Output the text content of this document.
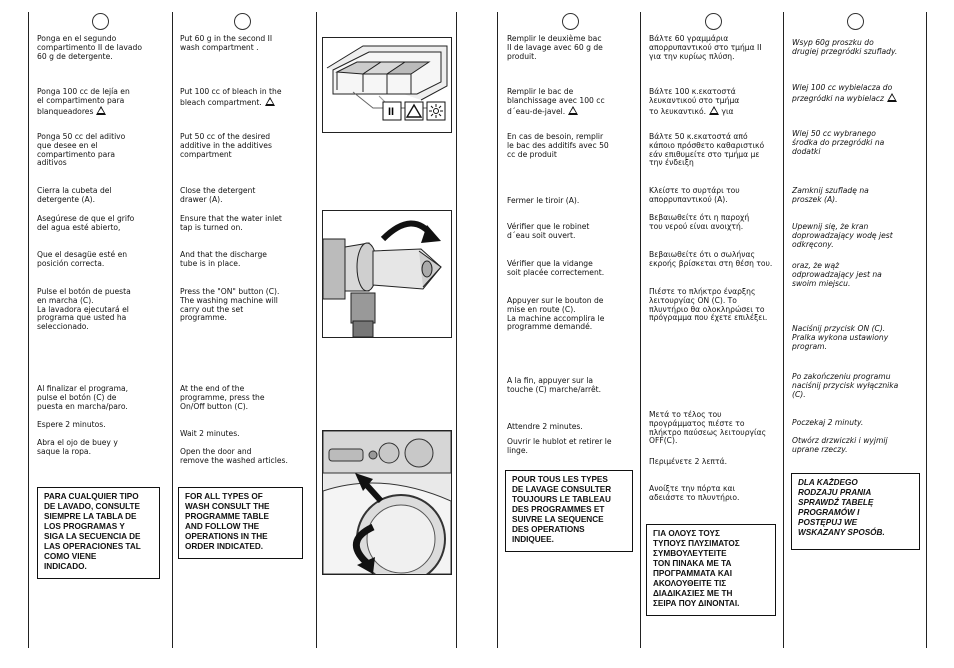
Ponga en el segundo
compartimento II de lavado
60 g de detergente.
Ponga 100 cc de lejía en
el compartimento para
blanqueadores
Ponga 50 cc del aditivo
que desee en el
compartimento para
aditivos
Cierra la cubeta del
detergente (A).
Asegúrese de que el grifo
del agua esté abierto,
Que el desagüe esté en
posición correcta.
Pulse el botón de puesta
en marcha (C).
La lavadora ejecutará el
programa que usted ha
seleccionado.
Al finalizar el programa,
pulse el botón (C) de
puesta en marcha/paro.
Espere 2 minutos.
Abra el ojo de buey y
saque la ropa.
PARA CUALQUIER TIPO
DE LAVADO, CONSULTE
SIEMPRE LA TABLA DE
LOS PROGRAMAS Y
SIGA LA SECUENCIA DE
LAS OPERACIONES TAL
COMO VIENE
INDICADO.
Put 60 g in the second II
wash compartment .
Put 100 cc of bleach in the
bleach compartment.
Put 50 cc of the desired
additive in the additives
compartment
Close the detergent
drawer (A).
Ensure that the water inlet
tap is turned on.
And that the discharge
tube is in place.
Press the "ON" button (C).
The washing machine will
carry out the set
programme.
At the end of the
programme, press the
On/Off button (C).
Wait 2 minutes.
Open the door and
remove the washed articles.
FOR ALL TYPES OF
WASH CONSULT THE
PROGRAMME TABLE
AND FOLLOW THE
OPERATIONS IN THE
ORDER INDICATED.
Remplir le deuxième bac
II de lavage avec 60 g de
produit.
Remplir le bac de
blanchissage avec 100 cc
d´eau-de-javel.
En cas de besoin, remplir
le bac des additifs avec 50
cc de produit
Fermer le tiroir (A).
Vérifier que le robinet
d´eau soit ouvert.
Vérifier que la vidange
soit placée correctement.
Appuyer sur le bouton de
mise en route (C).
La machine accomplira le
programme demandé.
A la fin, appuyer sur la
touche (C) marche/arrêt.
Attendre 2 minutes.
Ouvrir le hublot et retirer le
linge.
POUR TOUS LES TYPES
DE LAVAGE CONSULTER
TOUJOURS LE TABLEAU
DES PROGRAMMES ET
SUIVRE LA SEQUENCE
DES OPERATIONS
INDIQUEE.
Βάλτε 60 γραμμάρια
απορρυπαντικού στο τμήμα II
για την κυρίως πλύση.
Βάλτε 100 κ.εκατοστά
λευκαντικού στο τμήμα
το λευκαντικό. για
Βάλτε 50 κ.εκατοστά από
κάποιο πρόσθετο καθαριστικό
εάν επιθυμείτε στο τμήμα με
την ένδειξη
Κλείστε το συρτάρι του
απορρυπαντικού (A).
Βεβαιωθείτε ότι η παροχή
του νερού είναι ανοιχτή.
Βεβαιωθείτε ότι ο σωλήνας
εκροής βρίσκεται στη θέση του.
Πιέστε το πλήκτρο έναρξης
λειτουργίας ON (C). Το
πλυντήριο θα ολοκληρώσει το
πρόγραμμα που έχετε επιλέξει.
Μετά το τέλος του
προγράμματος πιέστε το
πλήκτρο παύσεως λειτουργίας
OFF(C).
Περιμένετε 2 λεπτά.
Ανοίξτε την πόρτα και
αδειάστε το πλυντήριο.
ΓΙΑ ΟΛΟΥΣ ΤΟΥΣ
ΤΥΠΟΥΣ ΠΛΥΣΙΜΑΤΟΣ
ΣΥΜΒΟΥΛΕΥΤΕΙΤΕ
ΤΟΝ ΠΙΝΑΚΑ ΜΕ ΤΑ
ΠΡΟΓΡΑΜΜΑΤΑ ΚΑΙ
ΑΚΟΛΟΥΘΕΙΤΕ ΤΙΣ
ΔΙΑΔΙΚΑΣΙΕΣ ΜΕ ΤΗ
ΣΕΙΡΑ ΠΟΥ ΔΙΝΟΝΤΑΙ.
Wsyp 60g proszku do
drugiej przegródki szuflady.
Wlej 100 cc wybielacza do
przegródki na wybielacz
Wlej 50 cc wybranego
środka do przegródki na
dodatki
Zamknij szufladę na
proszek (A).
Upewnij się, że kran
doprowadzający wodę jest
odkręcony.
oraz, że wąż
odprowadzający jest na
swoim miejscu.
Naciśnij przycisk ON (C).
Pralka wykona ustawiony
program.
Po zakończeniu programu
naciśnij przycisk wyłącznika
(C).
Poczekaj 2 minuty.
Otwórz drzwiczki i wyjmij
uprane rzeczy.
DLA KAŻDEGO
RODZAJU PRANIA
SPRAWDŹ TABELĘ
PROGRAMÓW I
POSTĘPUJ WE
WSKAZANY SPOSÓB.
II
